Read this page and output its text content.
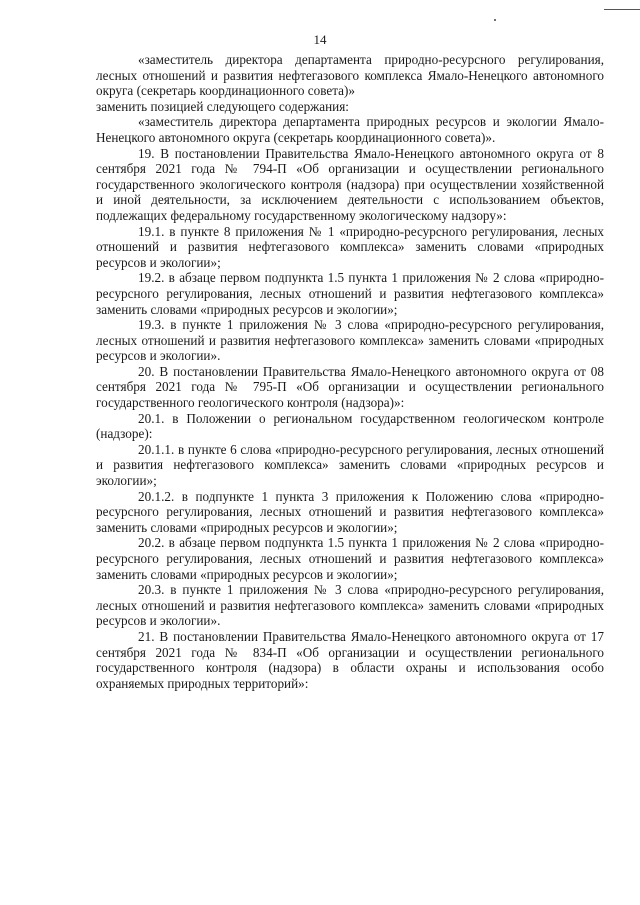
14

«заместитель директора департамента природно-ресурсного регулирования, лесных отношений и развития нефтегазового комплекса Ямало-Ненецкого автономного округа (секретарь координационного совета)»

заменить позицией следующего содержания:

«заместитель директора департамента природных ресурсов и экологии Ямало-Ненецкого автономного округа (секретарь координационного совета)».

19. В постановлении Правительства Ямало-Ненецкого автономного округа от 8 сентября 2021 года № 794-П «Об организации и осуществлении регионального государственного экологического контроля (надзора) при осуществлении хозяйственной и иной деятельности, за исключением деятельности с использованием объектов, подлежащих федеральному государственному экологическому надзору»:

19.1. в пункте 8 приложения № 1 «природно-ресурсного регулирования, лесных отношений и развития нефтегазового комплекса» заменить словами «природных ресурсов и экологии»;

19.2. в абзаце первом подпункта 1.5 пункта 1 приложения № 2 слова «природно-ресурсного регулирования, лесных отношений и развития нефтегазового комплекса» заменить словами «природных ресурсов и экологии»;

19.3. в пункте 1 приложения № 3 слова «природно-ресурсного регулирования, лесных отношений и развития нефтегазового комплекса» заменить словами «природных ресурсов и экологии».

20. В постановлении Правительства Ямало-Ненецкого автономного округа от 08 сентября 2021 года № 795-П «Об организации и осуществлении регионального государственного геологического контроля (надзора)»:

20.1. в Положении о региональном государственном геологическом контроле (надзоре):

20.1.1. в пункте 6 слова «природно-ресурсного регулирования, лесных отношений и развития нефтегазового комплекса» заменить словами «природных ресурсов и экологии»;

20.1.2. в подпункте 1 пункта 3 приложения к Положению слова «природно-ресурсного регулирования, лесных отношений и развития нефтегазового комплекса» заменить словами «природных ресурсов и экологии»;

20.2. в абзаце первом подпункта 1.5 пункта 1 приложения № 2 слова «природно-ресурсного регулирования, лесных отношений и развития нефтегазового комплекса» заменить словами «природных ресурсов и экологии»;

20.3. в пункте 1 приложения № 3 слова «природно-ресурсного регулирования, лесных отношений и развития нефтегазового комплекса» заменить словами «природных ресурсов и экологии».

21. В постановлении Правительства Ямало-Ненецкого автономного округа от 17 сентября 2021 года № 834-П «Об организации и осуществлении регионального государственного контроля (надзора) в области охраны и использования особо охраняемых природных территорий»:
